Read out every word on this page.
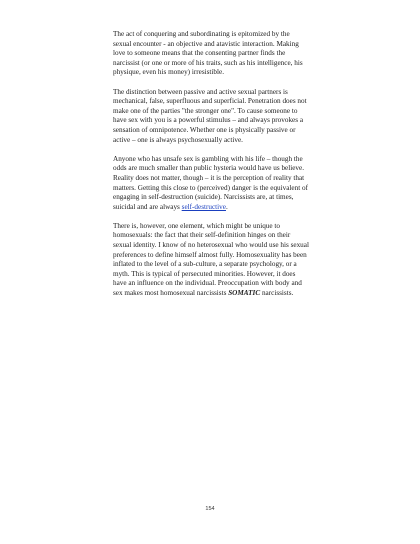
The act of conquering and subordinating is epitomized by the sexual encounter - an objective and atavistic interaction. Making love to someone means that the consenting partner finds the narcissist (or one or more of his traits, such as his intelligence, his physique, even his money) irresistible.

The distinction between passive and active sexual partners is mechanical, false, superfluous and superficial. Penetration does not make one of the parties "the stronger one". To cause someone to have sex with you is a powerful stimulus – and always provokes a sensation of omnipotence. Whether one is physically passive or active – one is always psychosexually active.

Anyone who has unsafe sex is gambling with his life – though the odds are much smaller than public hysteria would have us believe. Reality does not matter, though – it is the perception of reality that matters. Getting this close to (perceived) danger is the equivalent of engaging in self-destruction (suicide). Narcissists are, at times, suicidal and are always self-destructive.

There is, however, one element, which might be unique to homosexuals: the fact that their self-definition hinges on their sexual identity. I know of no heterosexual who would use his sexual preferences to define himself almost fully. Homosexuality has been inflated to the level of a sub-culture, a separate psychology, or a myth. This is typical of persecuted minorities. However, it does have an influence on the individual. Preoccupation with body and sex makes most homosexual narcissists SOMATIC narcissists.

154
